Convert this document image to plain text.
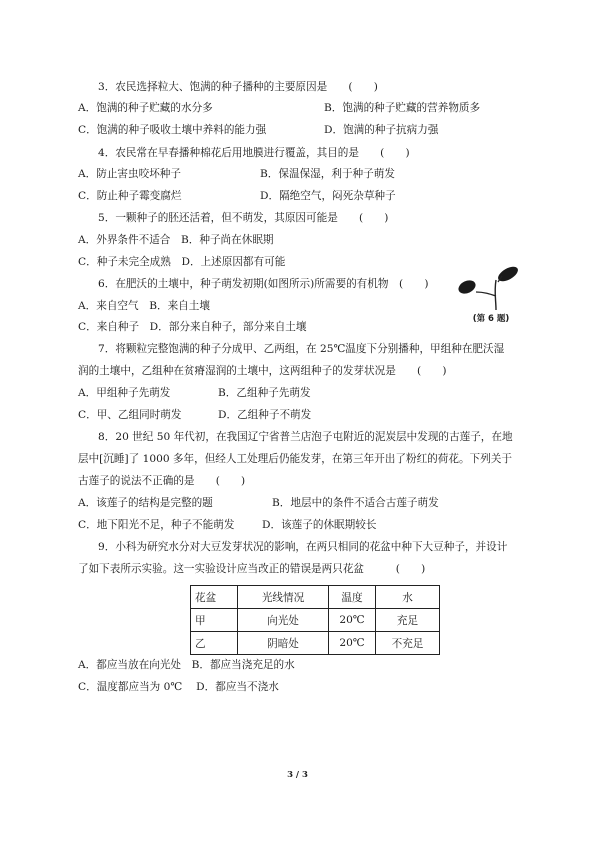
3．农民选择粒大、饱满的种子播种的主要原因是　　(　　)
A．饱满的种子贮藏的水分多	B．饱满的种子贮藏的营养物质多
C．饱满的种子吸收土壤中养料的能力强	D．饱满的种子抗病力强
4．农民常在早春播种棉花后用地膜进行覆盖，其目的是　　(　　)
A．防止害虫咬坏种子	B．保温保湿，利于种子萌发
C．防止种子霉变腐烂	D．隔绝空气，闷死杂草种子
5．一颗种子的胚还活着，但不萌发，其原因可能是　　(　　)
A．外界条件不适合　B．种子尚在休眠期
C．种子未完全成熟　D．上述原因都有可能
6．在肥沃的土壤中，种子萌发初期(如图所示)所需要的有机物　(　　)
A．来自空气　B．来自土壤
C．来自种子　D．部分来自种子，部分来自土壤
(第 6 题)
7．将颗粒完整饱满的种子分成甲、乙两组，在 25℃温度下分别播种，甲组种在肥沃湿
润的土壤中，乙组种在贫瘠湿润的土壤中，这两组种子的发芽状况是　　(　　)
A．甲组种子先萌发	B．乙组种子先萌发
C．甲、乙组同时萌发	D．乙组种子不萌发
8．20 世纪 50 年代初，在我国辽宁省普兰店泡子屯附近的泥炭层中发现的古莲子，在地
层中[沉睡]了 1000 多年，但经人工处理后仍能发芽，在第三年开出了粉红的荷花。下列关于
古莲子的说法不正确的是　　(　　)
A．该莲子的结构是完整的题	B．地层中的条件不适合古莲子萌发
C．地下阳光不足，种子不能萌发	D．该莲子的休眠期较长
9．小科为研究水分对大豆发芽状况的影响，在两只相同的花盆中种下大豆种子，并设计
了如下表所示实验。这一实验设计应当改正的错误是两只花盆　　　(　　)
花盆	光线情况	温度	水
甲	向光处	20℃	充足
乙	阴暗处	20℃	不充足
A．都应当放在向光处　B．都应当浇充足的水
C．温度都应当为 0℃　 D．都应当不浇水
3 / 3
